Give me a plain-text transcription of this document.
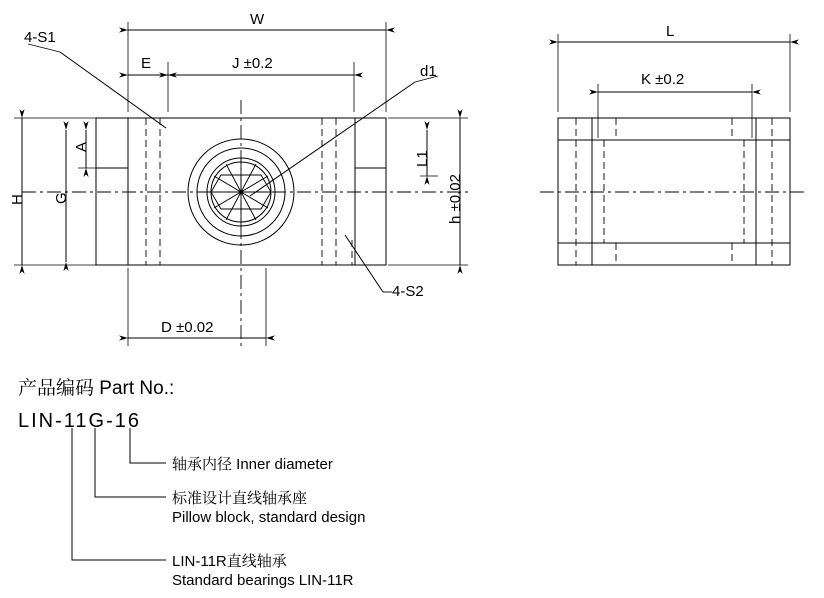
W
E	J ±0.2
D ±0.02
H G
A
L1
h ±0.02
d1
4-S1
4-S2
L
K ±0.2
产品编码 Part No.:
LIN-11G-16
轴承内径 Inner diameter
标准设计直线轴承座
Pillow block, standard design
LIN-11R直线轴承
Standard bearings LIN-11R
